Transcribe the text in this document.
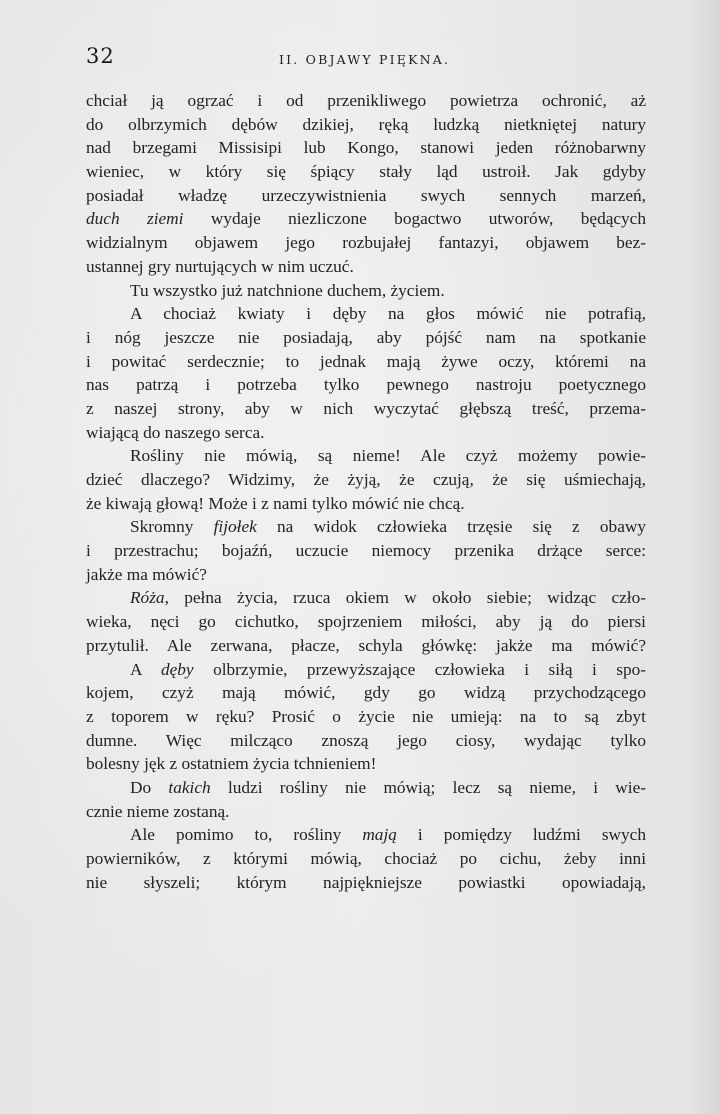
32	II. OBJAWY PIĘKNA.
chciał ją ogrzać i od przenikliwego powietrza ochronić, aż
do olbrzymich dębów dzikiej, ręką ludzką nietkniętej natury
nad brzegami Missisipi lub Kongo, stanowi jeden różnobarwny
wieniec, w który się śpiący stały ląd ustroił. Jak gdyby
posiadał władzę urzeczywistnienia swych sennych marzeń,
duch ziemi wydaje niezliczone bogactwo utworów, będących
widzialnym objawem jego rozbujałej fantazyi, objawem bez-
ustannej gry nurtujących w nim uczuć.
Tu wszystko już natchnione duchem, życiem.
A chociaż kwiaty i dęby na głos mówić nie potrafią,
i nóg jeszcze nie posiadają, aby pójść nam na spotkanie
i powitać serdecznie; to jednak mają żywe oczy, któremi na
nas patrzą i potrzeba tylko pewnego nastroju poetycznego
z naszej strony, aby w nich wyczytać głębszą treść, przema-
wiającą do naszego serca.
Rośliny nie mówią, są nieme! Ale czyż możemy powie-
dzieć dlaczego? Widzimy, że żyją, że czują, że się uśmiechają,
że kiwają głową! Może i z nami tylko mówić nie chcą.
Skromny fijołek na widok człowieka trzęsie się z obawy
i przestrachu; bojaźń, uczucie niemocy przenika drżące serce:
jakże ma mówić?
Róża, pełna życia, rzuca okiem w około siebie; widząc czło-
wieka, nęci go cichutko, spojrzeniem miłości, aby ją do piersi
przytulił. Ale zerwana, płacze, schyla główkę: jakże ma mówić?
A dęby olbrzymie, przewyższające człowieka i siłą i spo-
kojem, czyż mają mówić, gdy go widzą przychodzącego
z toporem w ręku? Prosić o życie nie umieją: na to są zbyt
dumne. Więc milcząco znoszą jego ciosy, wydając tylko
bolesny jęk z ostatniem życia tchnieniem!
Do takich ludzi rośliny nie mówią; lecz są nieme, i wie-
cznie nieme zostaną.
Ale pomimo to, rośliny mają i pomiędzy ludźmi swych
powierników, z którymi mówią, chociaż po cichu, żeby inni
nie słyszeli; którym najpiękniejsze powiastki opowiadają,
